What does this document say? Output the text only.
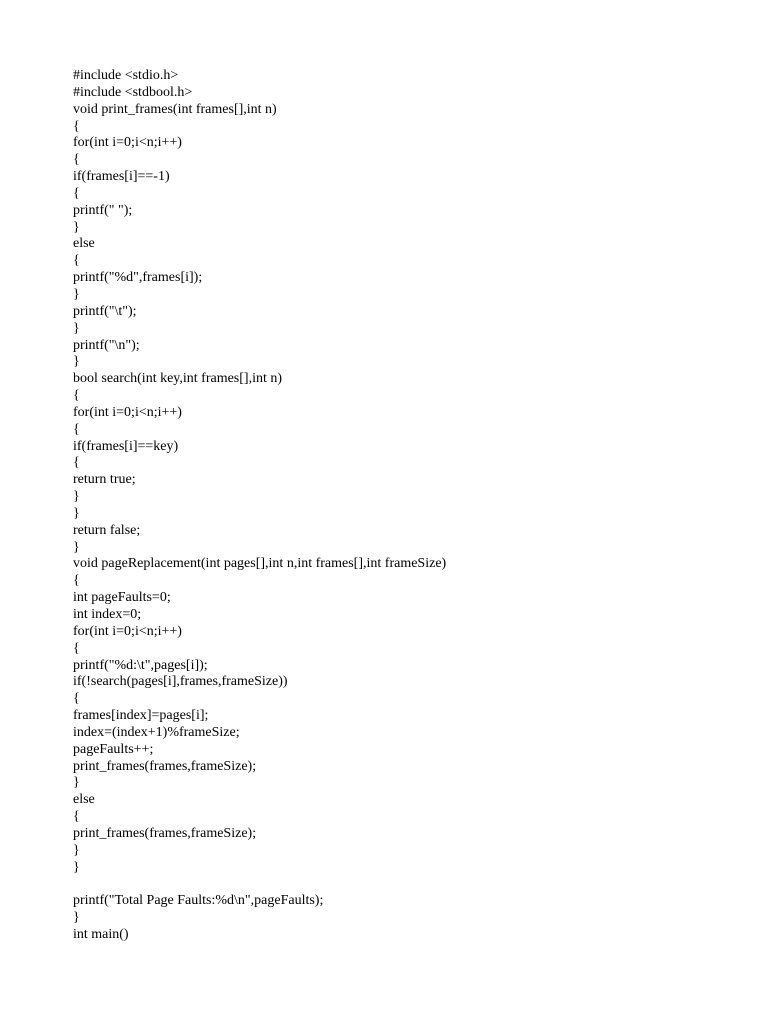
#include <stdio.h>
#include <stdbool.h>
void print_frames(int frames[],int n)
{
for(int i=0;i<n;i++)
{
if(frames[i]==-1)
{
printf(" ");
}
else
{
printf("%d",frames[i]);
}
printf("\t");
}
printf("\n");
}
bool search(int key,int frames[],int n)
{
for(int i=0;i<n;i++)
{
if(frames[i]==key)
{
return true;
}
}
return false;
}
void pageReplacement(int pages[],int n,int frames[],int frameSize)
{
int pageFaults=0;
int index=0;
for(int i=0;i<n;i++)
{
printf("%d:\t",pages[i]);
if(!search(pages[i],frames,frameSize))
{
frames[index]=pages[i];
index=(index+1)%frameSize;
pageFaults++;
print_frames(frames,frameSize);
}
else
{
print_frames(frames,frameSize);
}
}
printf("Total Page Faults:%d\n",pageFaults);
}
int main()
